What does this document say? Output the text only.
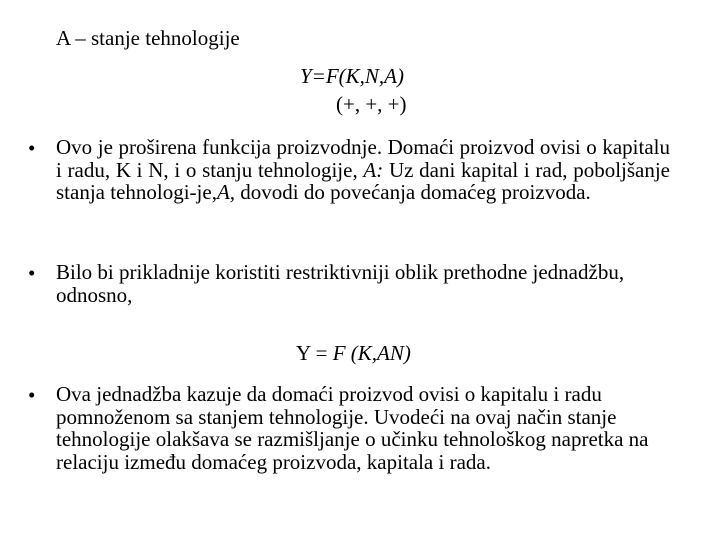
A – stanje tehnologije
Y=F(K,N,A)
(+, +, +)
• Ovo je proširena funkcija proizvodnje. Domaći proizvod ovisi o kapitalu i radu, K i N, i o stanju tehnologije, A: Uz dani kapital i rad, poboljšanje stanja tehnologi-je,A, dovodi do povećanja domaćeg proizvoda.
• Bilo bi prikladnije koristiti restriktivniji oblik prethodne jednadžbu, odnosno,
Y = F (K,AN)
• Ova jednadžba kazuje da domaći proizvod ovisi o kapitalu i radu pomnoženom sa stanjem tehnologije. Uvodeći na ovaj način stanje tehnologije olakšava se razmišljanje o učinku tehnološkog napretka na relaciju između domaćeg proizvoda, kapitala i rada.
